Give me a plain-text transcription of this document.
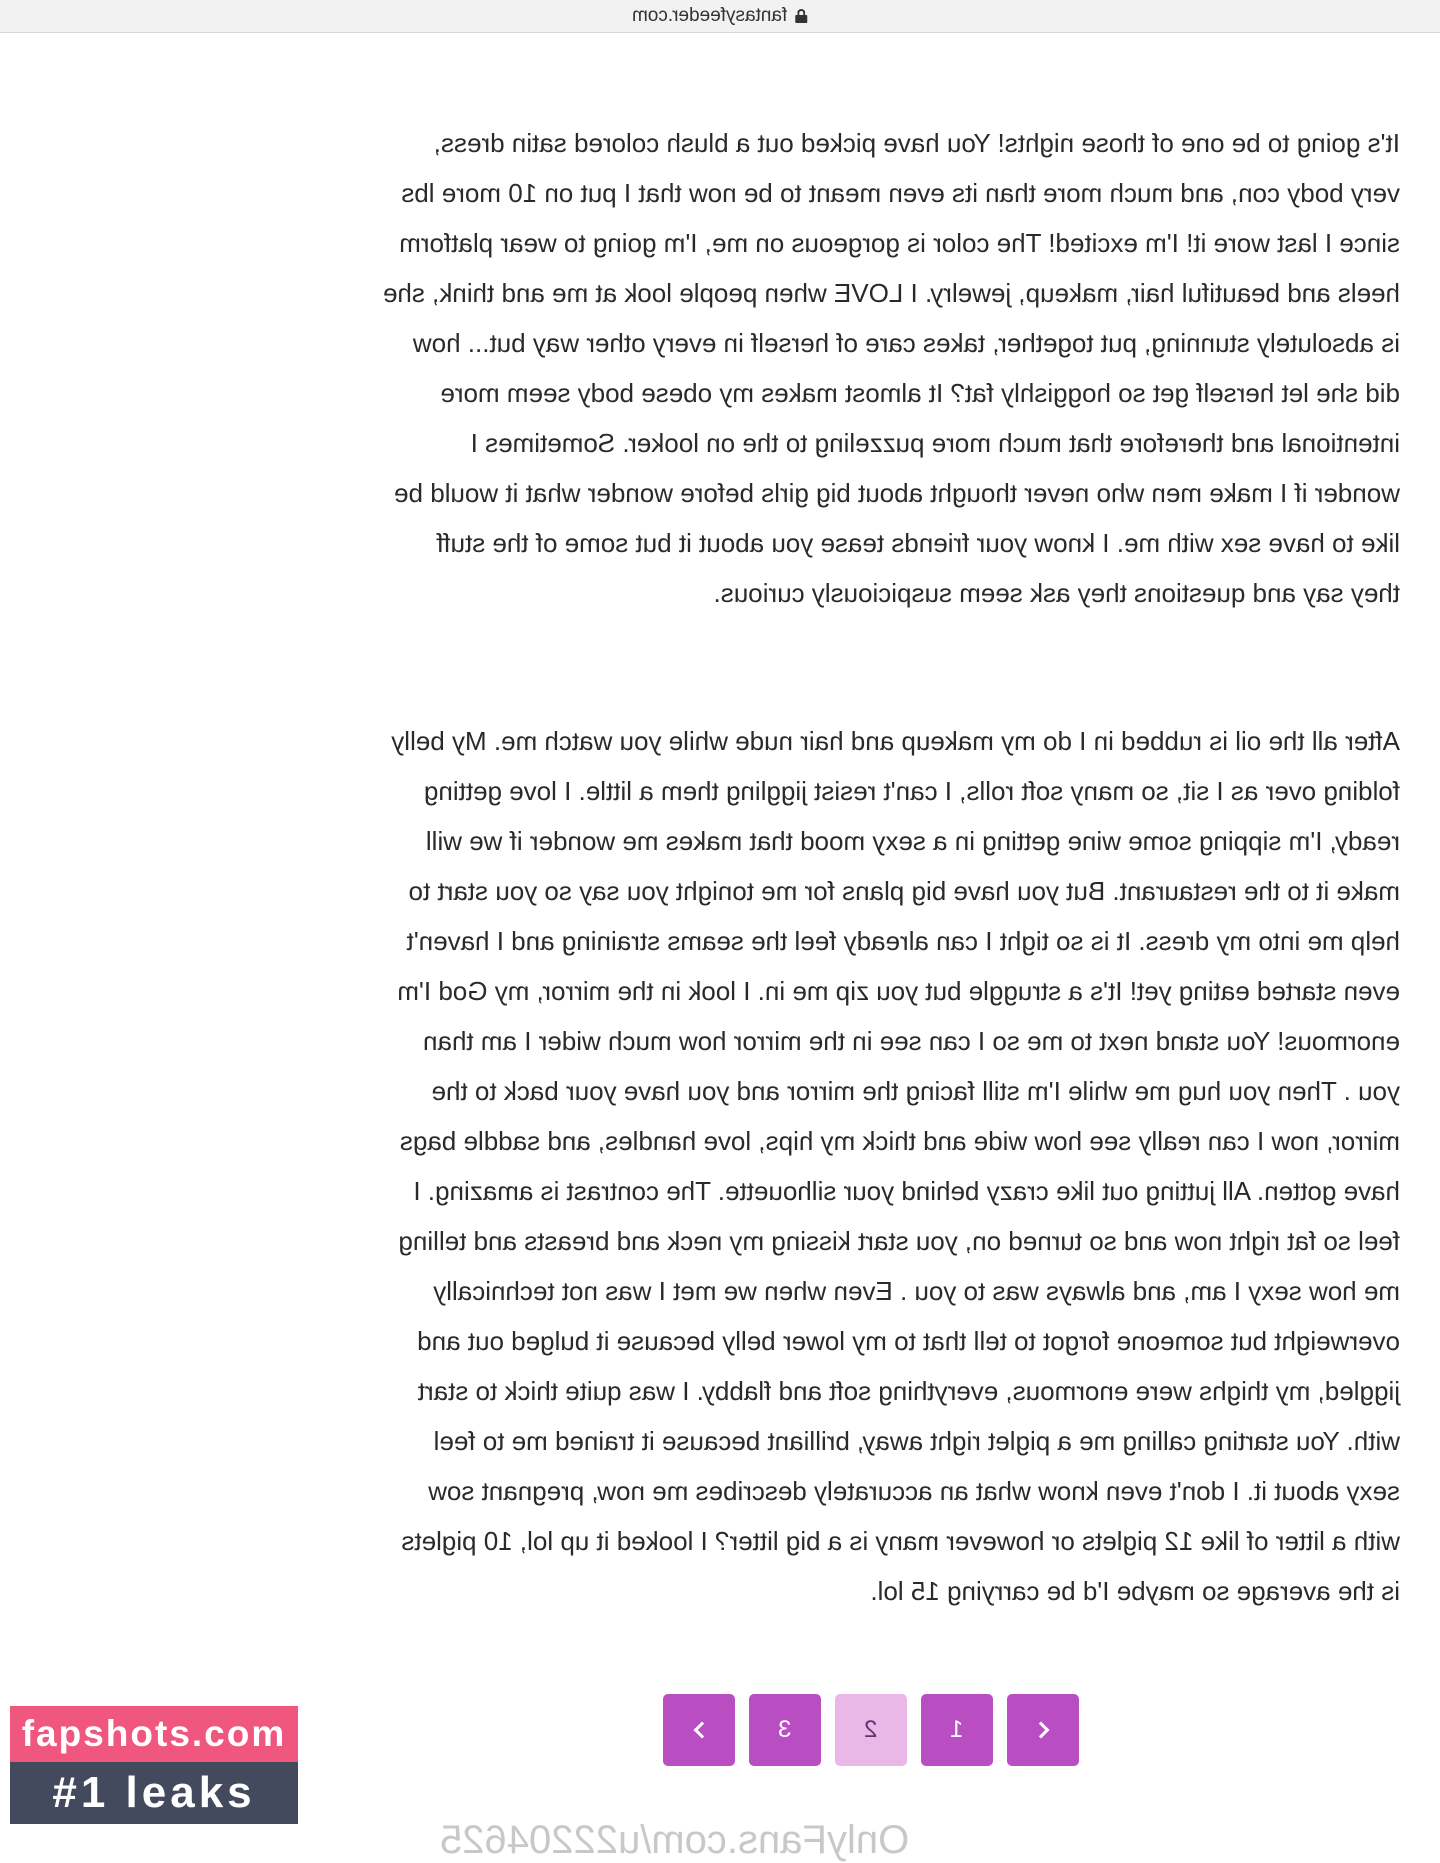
fantasyfeeder.com

It's going to be one of those nights! You have picked out a blush colored satin dress,
very body con, and much more than its even meant to be now that I put on 10 more lbs
since I last wore it! I'm excited! The color is gorgeous on me, I'm going to wear platform
heels and beautiful hair, makeup, jewelry. I LOVE when people look at me and think, she
is absolutely stunning, put together, takes care of herself in every other way but... how
did she let herself get so hoggishly fat? It almost makes my obese body seem more
intentional and therefore that much more puzzeling to the on looker. Sometimes I
wonder if I make men who never thought about big girls before wonder what it would be
like to have sex with me. I know your friends tease you about it but some of the stuff
they say and questions they ask seem suspiciously curious.

After all the oil is rubbed in I do my makeup and hair nude while you watch me. My belly
folding over as I sit, so many soft rolls, I can't resist jiggling them a little. I love getting
ready, I'm sipping some wine getting in a sexy mood that makes me wonder if we will
make it to the restaurant. But you have big plans for me tonight you say so you start to
help me into my dress. It is so tight I can already feel the seams straining and I haven't
even started eating yet! It's a struggle but you zip me in. I look in the mirror, my God I'm
enormous! You stand next to me so I can see in the mirror how much wider I am than
you . Then you hug me while I'm still facing the mirror and you have your back to the
mirror, now I can really see how wide and thick my hips, love handles, and saddle bags
have gotten. All jutting out like crazy behind your silhouette. The contrast is amazing. I
feel so fat right now and so turned on, you start kissing my neck and breasts and telling
me how sexy I am, and always was to you . Even when we met I was not technically
overweight but someone forgot to tell that to my lower belly because it bulged out and
jiggled, my thighs were enormous, everything soft and flabby. I was quite thick to start
with. You starting calling me a piglet right away, brilliant because it trained me to feel
sexy about it. I don't even know what an accurately describes me now, pregnant sow
with a litter of like 12 piglets or however many is a big litter? I looked it up lol, 10 piglets
is the average so maybe I'd be carrying 15 lol.

3	2	1
fapshots.com
#1 leaks
OnlyFans.com/u22204625
